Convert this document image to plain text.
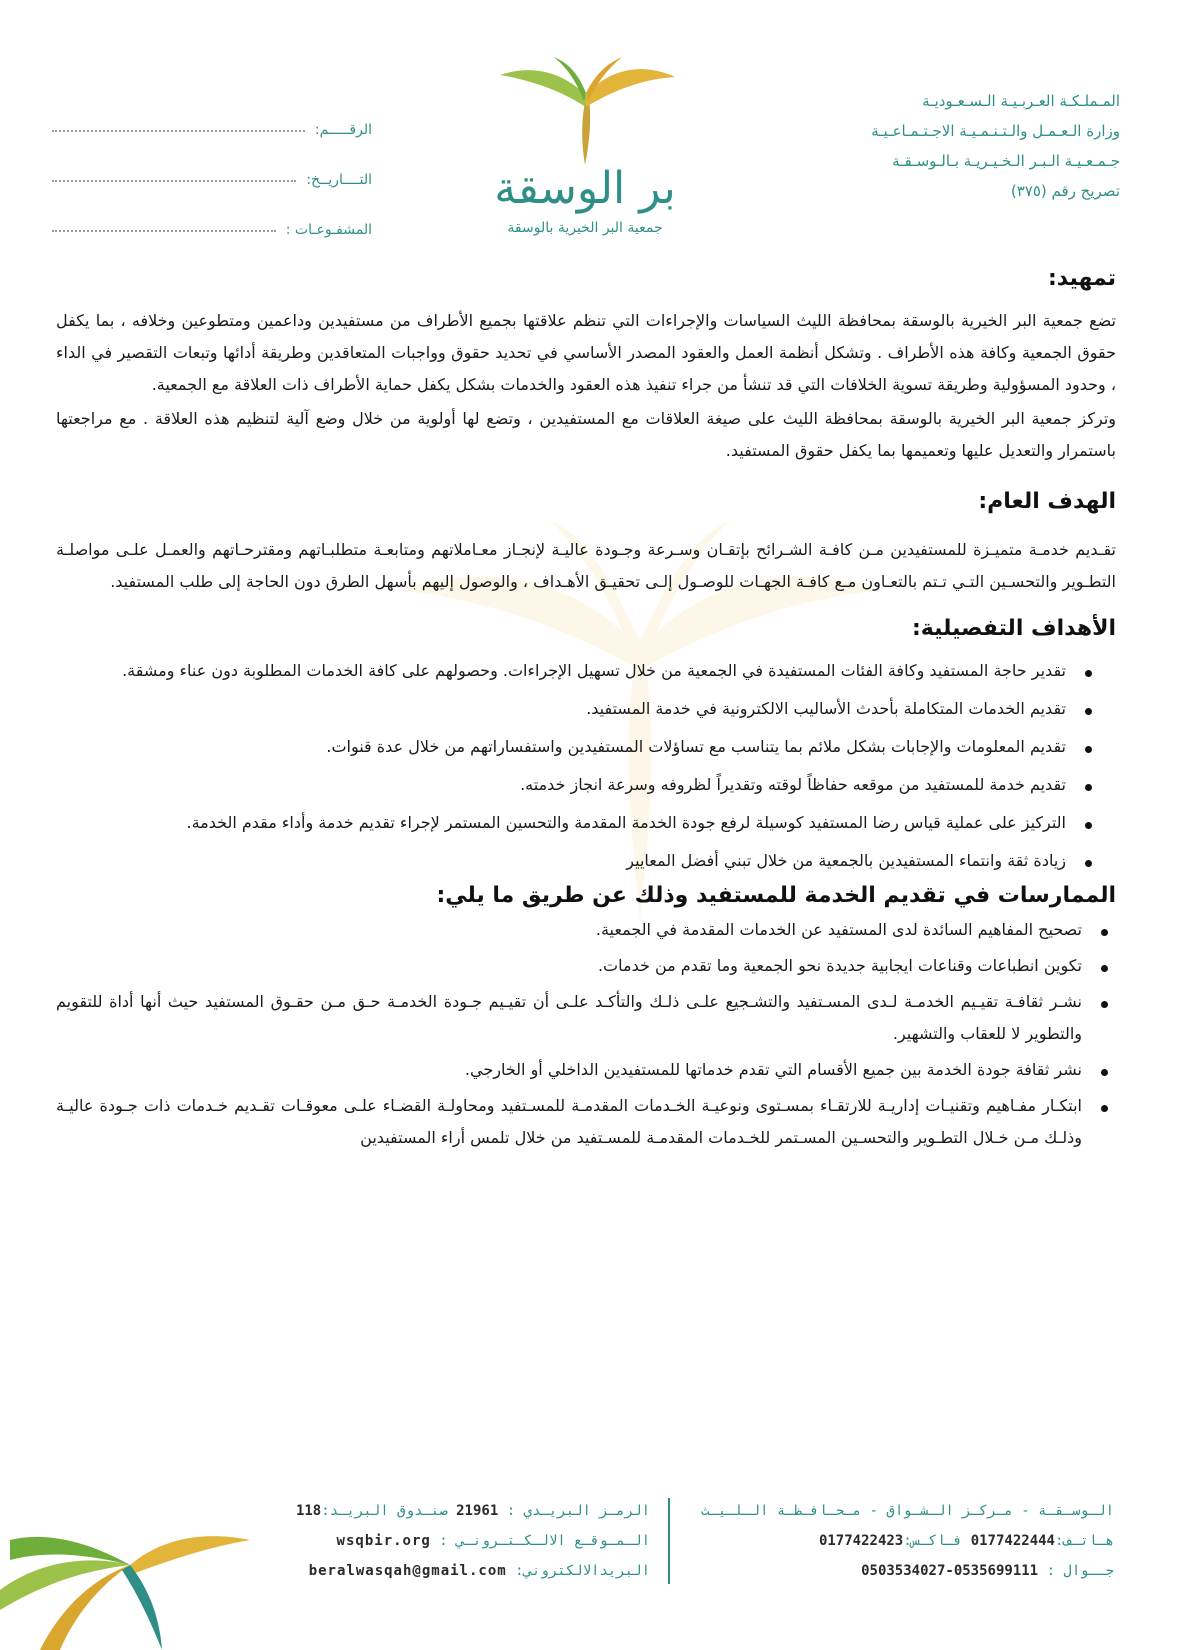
المـملـكـة العـربـيـة الـسـعـوديـة
وزارة الـعـمـل والـتـنـمـيـة الاجـتـمـاعـيـة
جـمـعـيـة الـبـر الـخـيـريـة بـالـوسـقـة
تصريح رقم (٣٧٥)
بر الوسقة
جمعية البر الخيرية بالوسقة
الرقـــــم:
التــــاريــخ:
المشفـوعـات :
تمهيد:

تضع جمعية البر الخيرية بالوسقة بمحافظة الليث السياسات والإجراءات التي تنظم علاقتها بجميع الأطراف من مستفيدين وداعمين ومتطوعين وخلافه ، بما يكفل حقوق الجمعية وكافة هذه الأطراف . وتشكل أنظمة العمل والعقود المصدر الأساسي في تحديد حقوق وواجبات المتعاقدين وطريقة أدائها وتبعات التقصير في الداء ، وحدود المسؤولية وطريقة تسوية الخلافات التي قد تنشأ من جراء تنفيذ هذه العقود والخدمات بشكل يكفل حماية الأطراف ذات العلاقة مع الجمعية.

وتركز جمعية البر الخيرية بالوسقة بمحافظة الليث على صيغة العلاقات مع المستفيدين ، وتضع لها أولوية من خلال وضع آلية لتنظيم هذه العلاقة . مع مراجعتها باستمرار والتعديل عليها وتعميمها بما يكفل حقوق المستفيد.

الهدف العام:

تقـديم خدمـة متميـزة للمستفيدين مـن كافـة الشـرائح بإتقـان وسـرعة وجـودة عاليـة لإنجـاز معـاملاتهم ومتابعـة متطلبـاتهم ومقترحـاتهم والعمـل علـى مواصلـة التطـوير والتحسـين التـي تـتم بالتعـاون مـع كافـة الجهـات للوصـول إلـى تحقيـق الأهـداف ، والوصول إليهم بأسهل الطرق دون الحاجة إلى طلب المستفيد.

الأهداف التفصيلية:
تقدير حاجة المستفيد وكافة الفئات المستفيدة في الجمعية من خلال تسهيل الإجراءات. وحصولهم على كافة الخدمات المطلوبة دون عناء ومشقة.
تقديم الخدمات المتكاملة بأحدث الأساليب الالكترونية في خدمة المستفيد.
تقديم المعلومات والإجابات بشكل ملائم بما يتناسب مع تساؤلات المستفيدين واستفساراتهم من خلال عدة قنوات.
تقديم خدمة للمستفيد من موقعه حفاظاً لوقته وتقديراً لظروفه وسرعة انجاز خدمته.
التركيز على عملية قياس رضا المستفيد كوسيلة لرفع جودة الخدمة المقدمة والتحسين المستمر لإجراء تقديم خدمة وأداء مقدم الخدمة.
زيادة ثقة وانتماء المستفيدين بالجمعية من خلال تبني أفضل المعايير
الممارسات في تقديم الخدمة للمستفيد وذلك عن طريق ما يلي:
تصحيح المفاهيم السائدة لدى المستفيد عن الخدمات المقدمة في الجمعية.
تكوين انطباعات وقناعات ايجابية جديدة نحو الجمعية وما تقدم من خدمات.
نشـر ثقافـة تقيـيم الخدمـة لـدى المسـتفيد والتشـجيع علـى ذلـك والتأكـد علـى أن تقيـيم جـودة الخدمـة حـق مـن حقـوق المستفيد حيث أنها أداة للتقويم والتطوير لا للعقاب والتشهير.
نشر ثقافة جودة الخدمة بين جميع الأقسام التي تقدم خدماتها للمستفيدين الداخلي أو الخارجي.
ابتكـار مفـاهيم وتقنيـات إداريـة للارتقـاء بمسـتوى ونوعيـة الخـدمات المقدمـة للمسـتفيد ومحاولـة القضـاء علـى معوقـات تقـديم خـدمات ذات جـودة عاليـة وذلـك مـن خـلال التطـوير والتحسـين المسـتمر للخـدمات المقدمـة للمسـتفيد من خلال تلمس أراء المستفيدين
الـوسـقـة - مـركـز الـشـواق - مـحـافـظـة الـلـيـث
هـاتـف:0177422444 فـاكـس:0177422423
جــوال : 0535699111-0503534027
الرمـز البريـدي : 21961 صنـدوق البريـد:118
الـمـوقـع الالـكـتـرونـي : wsqbir.org
البريدالالكتروني: beralwasqah@gmail.com
